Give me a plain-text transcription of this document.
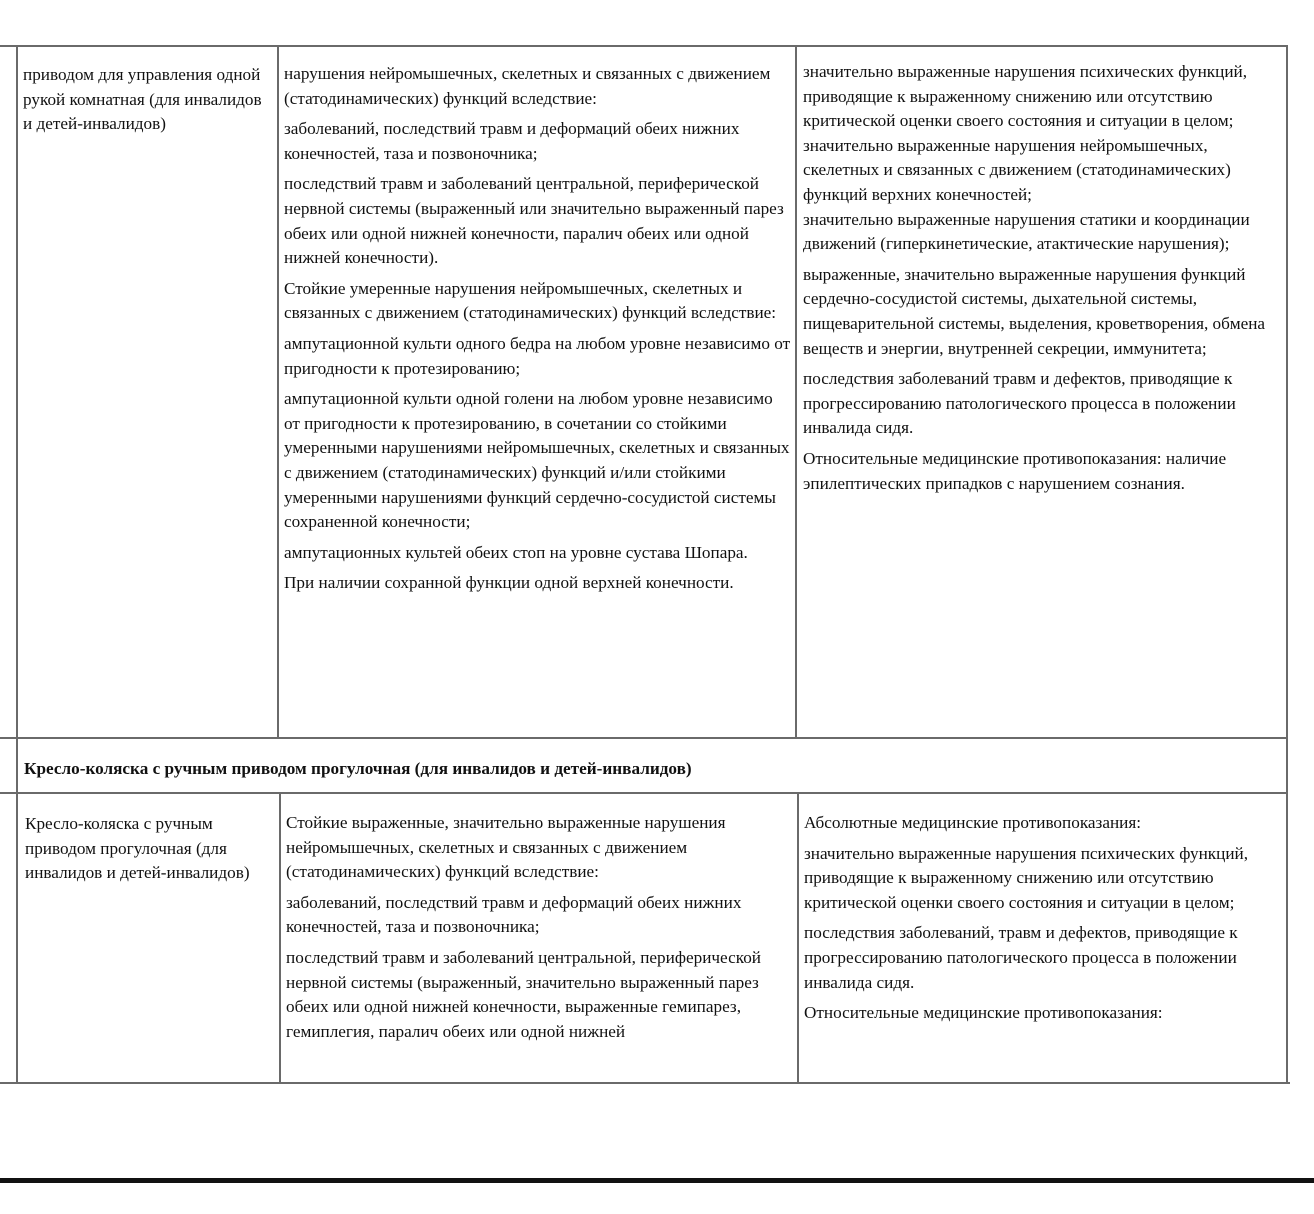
приводом для управления одной рукой комнатная (для инвалидов и детей-инвалидов)

нарушения нейромышечных, скелетных и связанных с движением (статодинамических) функций вследствие:

заболеваний, последствий травм и деформаций обеих нижних конечностей, таза и позвоночника;

последствий травм и заболеваний центральной, периферической нервной системы (выраженный или значительно выраженный парез обеих или одной нижней конечности, паралич обеих или одной нижней конечности).

Стойкие умеренные нарушения нейромышечных, скелетных и связанных с движением (статодинамических) функций вследствие:

ампутационной культи одного бедра на любом уровне независимо от пригодности к протезированию;

ампутационной культи одной голени на любом уровне независимо от пригодности к протезированию, в сочетании со стойкими умеренными нарушениями нейромышечных, скелетных и связанных с движением (статодинамических) функций и/или стойкими умеренными нарушениями функций сердечно-сосудистой системы сохраненной конечности;

ампутационных культей обеих стоп на уровне сустава Шопара.

При наличии сохранной функции одной верхней конечности.

значительно выраженные нарушения психических функций, приводящие к выраженному снижению или отсутствию критической оценки своего состояния и ситуации в целом;

значительно выраженные нарушения нейромышечных, скелетных и связанных с движением (статодинамических) функций верхних конечностей;

значительно выраженные нарушения статики и координации движений (гиперкинетические, атактические нарушения);

выраженные, значительно выраженные нарушения функций сердечно-сосудистой системы, дыхательной системы, пищеварительной системы, выделения, кроветворения, обмена веществ и энергии, внутренней секреции, иммунитета;

последствия заболеваний травм и дефектов, приводящие к прогрессированию патологического процесса в положении инвалида сидя.

Относительные медицинские противопоказания: наличие эпилептических припадков с нарушением сознания.

Кресло-коляска с ручным приводом прогулочная (для инвалидов и детей-инвалидов)

Кресло-коляска с ручным приводом прогулочная (для инвалидов и детей-инвалидов)

Стойкие выраженные, значительно выраженные нарушения нейромышечных, скелетных и связанных с движением (статодинамических) функций вследствие:

заболеваний, последствий травм и деформаций обеих нижних конечностей, таза и позвоночника;

последствий травм и заболеваний центральной, периферической нервной системы (выраженный, значительно выраженный парез обеих или одной нижней конечности, выраженные гемипарез, гемиплегия, паралич обеих или одной нижней

Абсолютные медицинские противопоказания:

значительно выраженные нарушения психических функций, приводящие к выраженному снижению или отсутствию критической оценки своего состояния и ситуации в целом;

последствия заболеваний, травм и дефектов, приводящие к прогрессированию патологического процесса в положении инвалида сидя.

Относительные медицинские противопоказания:
